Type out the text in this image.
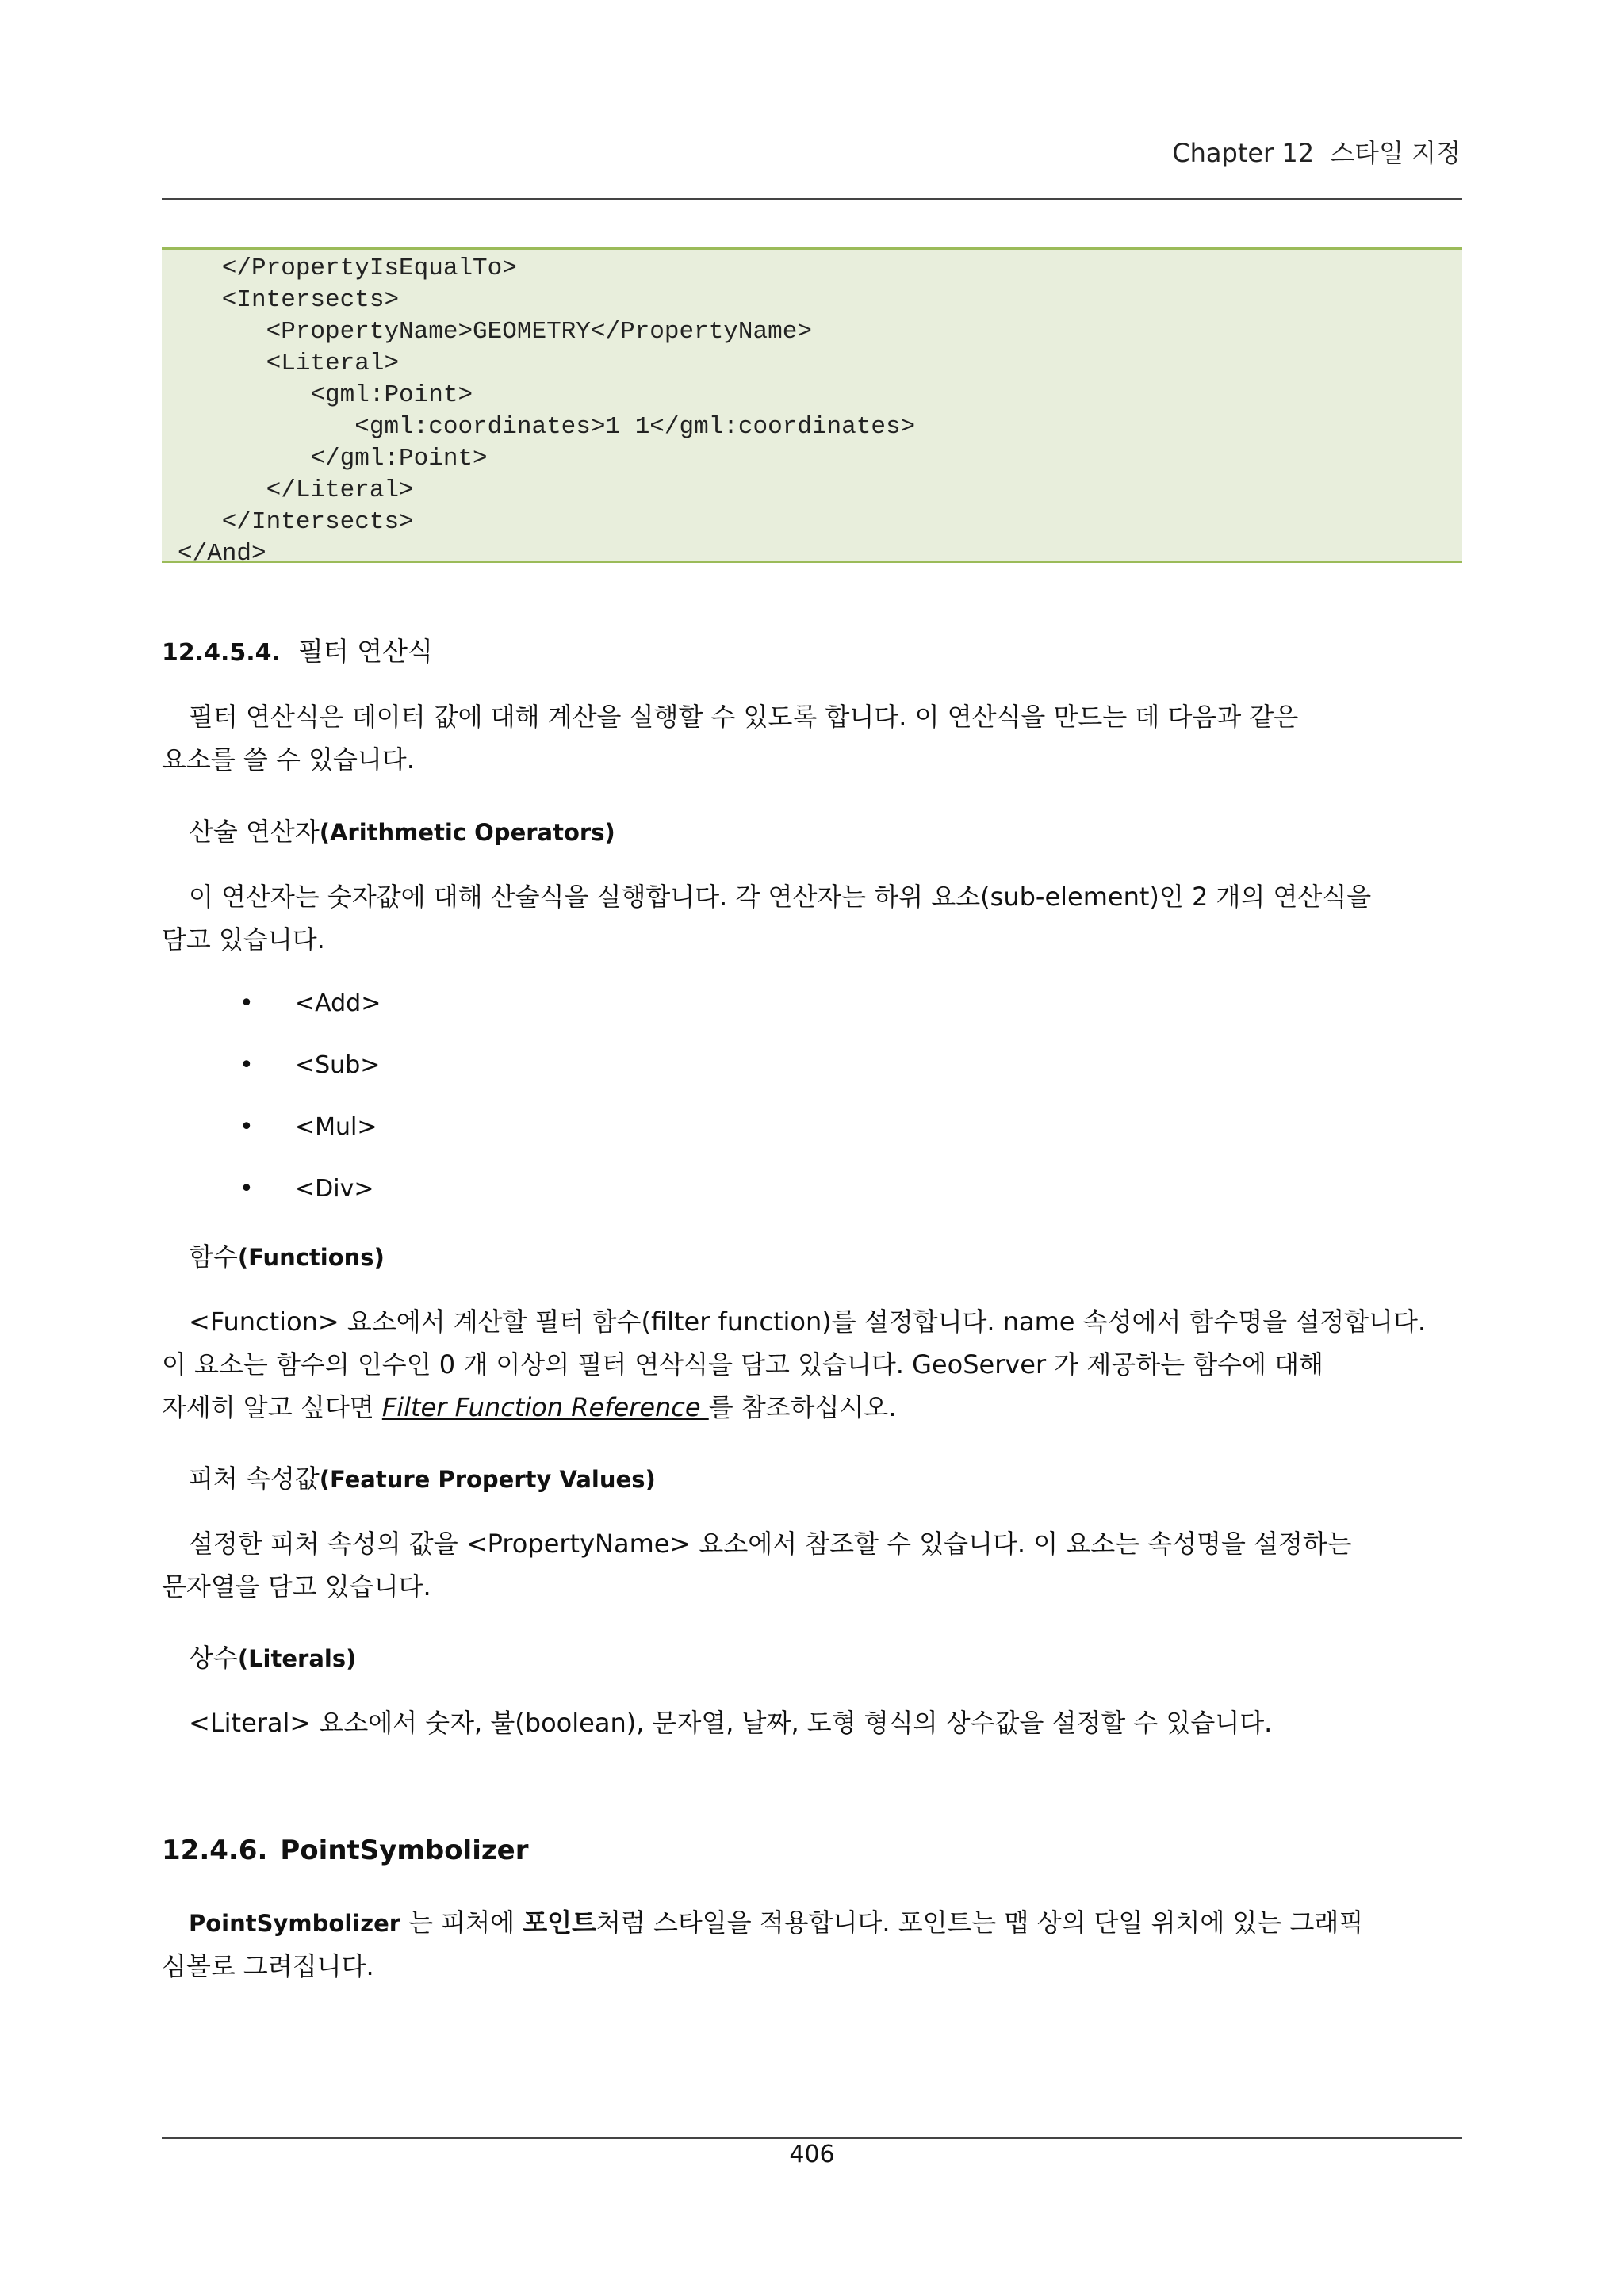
Chapter 12 스타일 지정
</PropertyIsEqualTo>
<Intersects>
<PropertyName>GEOMETRY</PropertyName>
<Literal>
<gml:Point>
<gml:coordinates>1 1</gml:coordinates>
</gml:Point>
</Literal>
</Intersects>
</And>
12.4.5.4. 필터 연산식
필터 연산식은 데이터 값에 대해 계산을 실행할 수 있도록 합니다. 이 연산식을 만드는 데 다음과 같은
요소를 쓸 수 있습니다.
산술 연산자(Arithmetic Operators)
이 연산자는 숫자값에 대해 산술식을 실행합니다. 각 연산자는 하위 요소(sub-element)인 2 개의 연산식을
담고 있습니다.
• <Add>
• <Sub>
• <Mul>
• <Div>
함수(Functions)
<Function> 요소에서 계산할 필터 함수(filter function)를 설정합니다. name 속성에서 함수명을 설정합니다.
이 요소는 함수의 인수인 0 개 이상의 필터 연삭식을 담고 있습니다. GeoServer 가 제공하는 함수에 대해
자세히 알고 싶다면 Filter Function Reference 를 참조하십시오.
피처 속성값(Feature Property Values)
설정한 피처 속성의 값을 <PropertyName> 요소에서 참조할 수 있습니다. 이 요소는 속성명을 설정하는
문자열을 담고 있습니다.
상수(Literals)
<Literal> 요소에서 숫자, 불(boolean), 문자열, 날짜, 도형 형식의 상수값을 설정할 수 있습니다.
12.4.6. PointSymbolizer
PointSymbolizer 는 피처에 포인트처럼 스타일을 적용합니다. 포인트는 맵 상의 단일 위치에 있는 그래픽
심볼로 그려집니다.
406
